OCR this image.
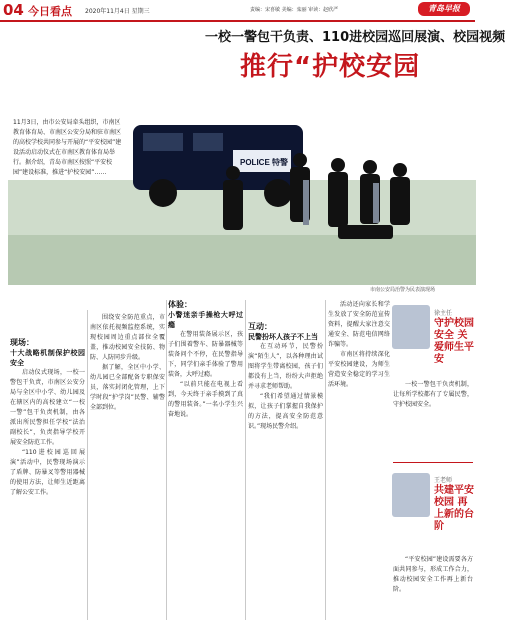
04 今日看点 2020年11月4日 星期三	责编：宋喜敏 美编：栾丽 审读：赵欣严	青岛早报
一校一警包干负责、110进校园巡回展演、校园视频
推行“护校安园
POLICE 特警
11月3日，由市公安局牵头组织，市南区教育体育局、市南区公安分局和驻市南区的高校学校共同参与开展的“平安校园”建设活动启动仪式在市南区教育体育局举行。据介绍，青岛市南区按照“平安校园”建设标准，推进“护校安园”……
市南公安局治警为民表演现场
现场：
十大战略机制保护校园安全

启动仪式现场，一校一警包干负责，市南区公安分局与全区中小学、幼儿园及在辖区内的高校建立“一校一警”包干负责机制，由各派出所民警担任学校“法治副校长”，负责指导学校开展安全防范工作。

“110进校园巡回展演”活动中，民警现场演示了盾牌、防暴叉等警用器械的使用方法，让师生近距离了解公安工作。

围绕安全防范重点，市南区依托视频监控系统，实现校园周边重点部位全覆盖，推动校园安全技防、物防、人防同步升级。

据了解，全区中小学、幼儿园已全部配备专职保安员，落实封闭化管理，上下学时段“护学岗”民警、辅警全部到位。

体验：
小警迷亲手操枪大呼过瘾

在警用装备展示区，孩子们围着警车、防暴器械等装备问个不停，在民警指导下，同学们亲手体验了警用装备，大呼过瘾。

“以前只能在电视上看到，今天终于亲手摸到了真的警用装备。”一名小学生兴奋地说。

互动：
民警扮坏人孩子不上当

在互动环节，民警扮演“陌生人”，以各种理由试图将学生带离校园，孩子们都没有上当，纷纷大声拒绝并寻求老师帮助。

“我们希望通过情景模拟，让孩子们掌握自我保护的方法，提高安全防范意识。”现场民警介绍。

活动还向家长和学生发放了安全防范宣传资料，提醒大家注意交通安全、防范电信网络诈骗等。

市南区将持续深化平安校园建设，为师生营造安全稳定的学习生活环境。

徐主任
守护校园安全 关爱师生平安

一校一警包干负责机制，让每所学校都有了专属民警，守护校园安全。

王老师
共建平安校园 再上新的台阶

“平安校园”建设需要各方面共同参与，形成工作合力，推动校园安全工作再上新台阶。
